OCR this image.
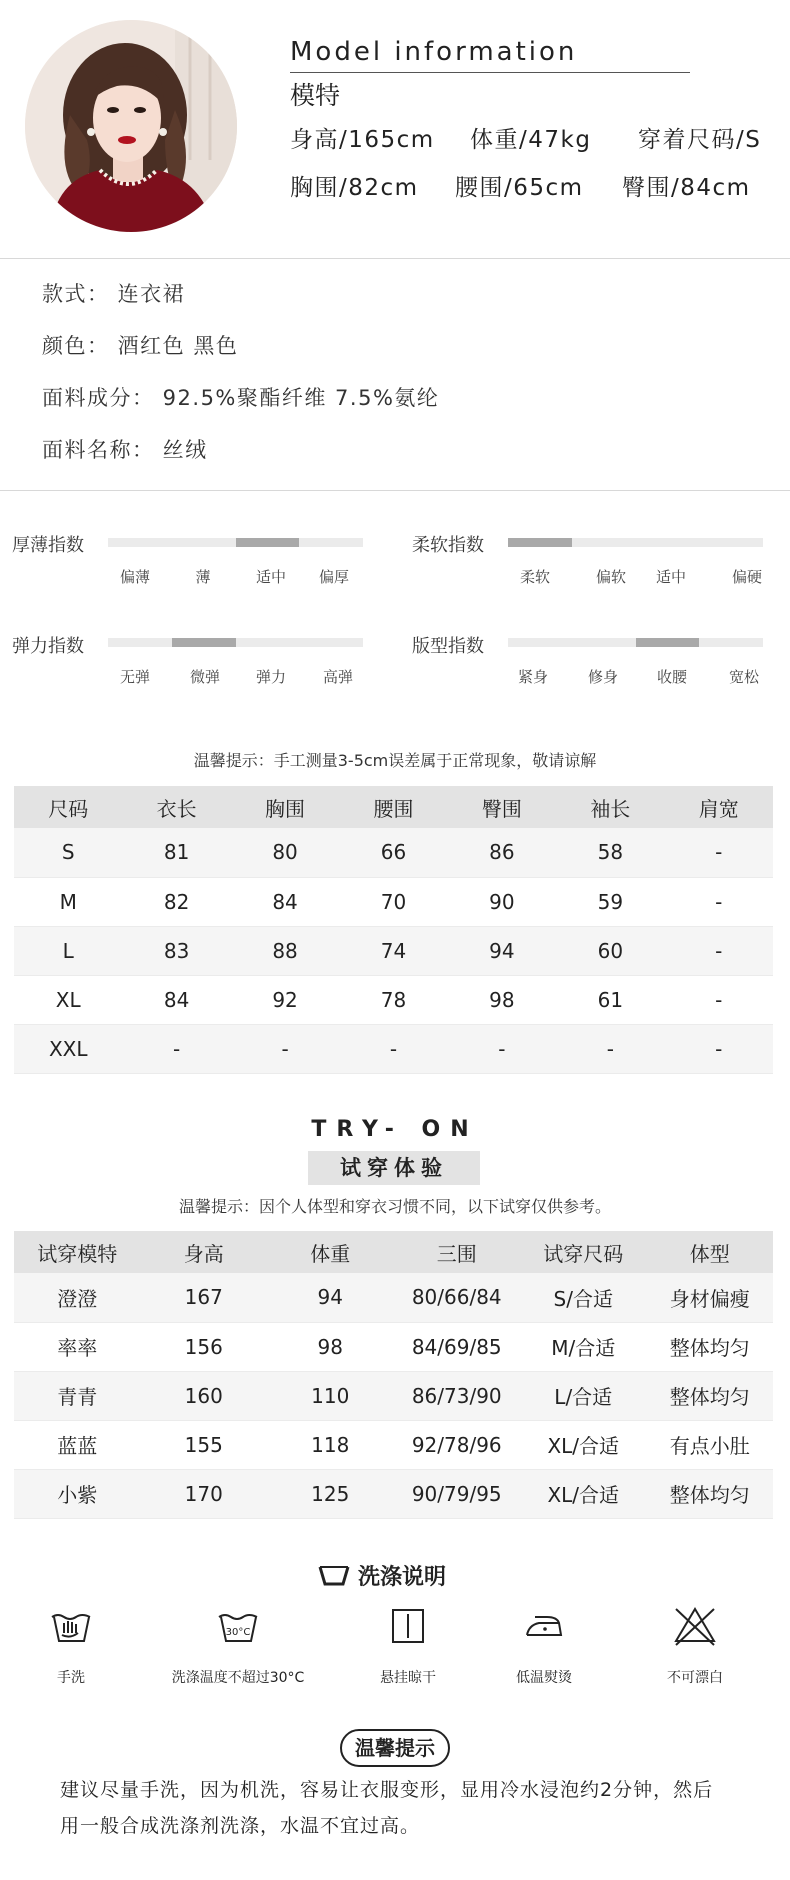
Model information
模特
身高/165cm 体重/47kg 穿着尺码/S
胸围/82cm 腰围/65cm 臀围/84cm
款式： 连衣裙
颜色： 酒红色 黑色
面料成分： 92.5%聚酯纤维 7.5%氨纶
面料名称： 丝绒
厚薄指数
偏薄	薄	适中 偏厚
柔软指数
柔软	偏软 适中	偏硬
弹力指数
无弹	微弹 弹力 高弹
版型指数
紧身	修身	收腰	宽松
温馨提示：手工测量3-5cm误差属于正常现象，敬请谅解
尺码	衣长	胸围	腰围	臀围	袖长	肩宽
S	81	80	66	86	58	-
M	82	84	70	90	59	-
L	83	88	74	94	60	-
XL	84	92	78	98	61	-
XXL	-	-	-	-	-	-
TRY- ON
试穿体验
温馨提示：因个人体型和穿衣习惯不同，以下试穿仅供参考。
试穿模特	身高	体重	三围	试穿尺码	体型
澄澄	167	94	80/66/84	S/合适	身材偏瘦
率率	156	98	84/69/85	M/合适	整体均匀
青青	160	110	86/73/90	L/合适	整体均匀
蓝蓝	155	118	92/78/96	XL/合适	有点小肚
小紫	170	125	90/79/95	XL/合适	整体均匀
洗涤说明
手洗
30°C
洗涤温度不超过30°C	悬挂晾干	低温熨烫	不可漂白
温馨提示
建议尽量手洗，因为机洗，容易让衣服变形，显用冷水浸泡约2分钟，然后
用一般合成洗涤剂洗涤，水温不宜过高。
